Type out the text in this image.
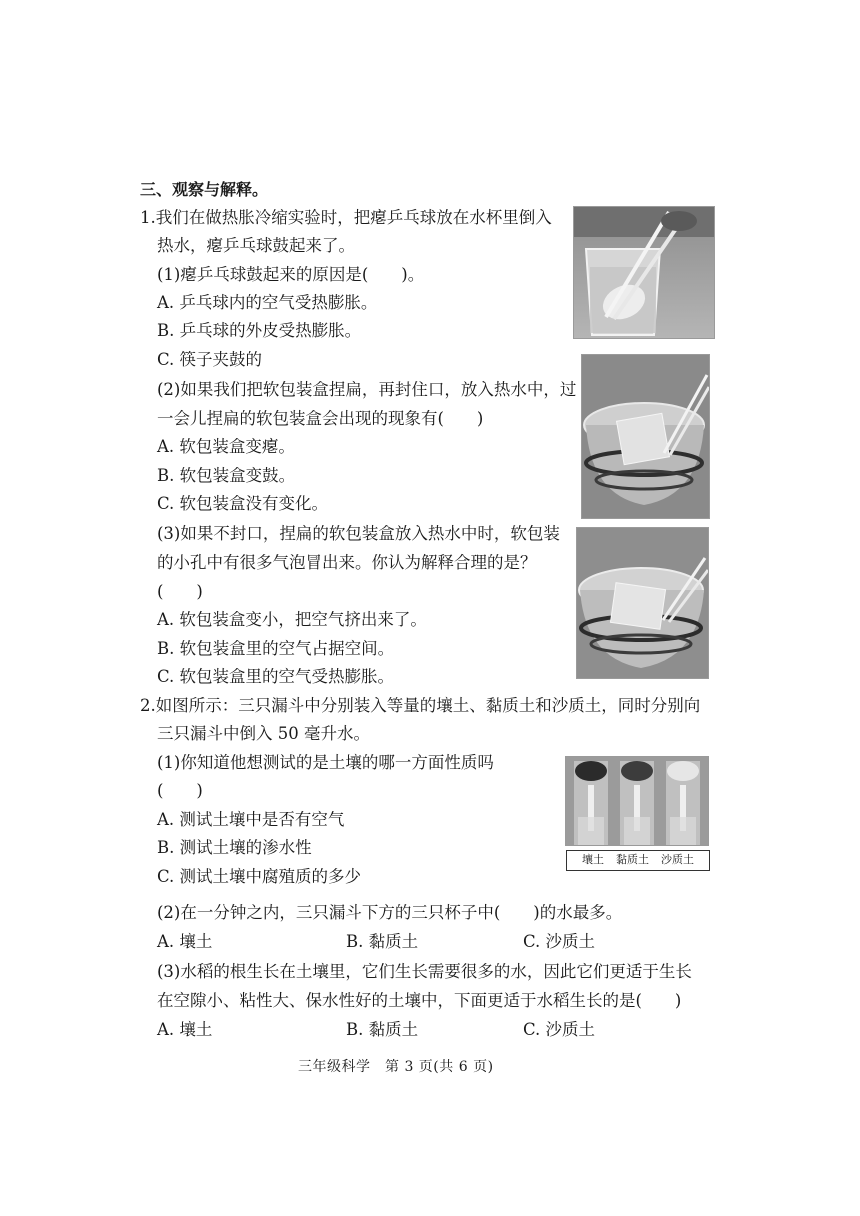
三、观察与解释。
1.我们在做热胀冷缩实验时，把瘪乒乓球放在水杯里倒入
热水，瘪乒乓球鼓起来了。
(1)瘪乒乓球鼓起来的原因是(　　)。
A. 乒乓球内的空气受热膨胀。
B. 乒乓球的外皮受热膨胀。
C. 筷子夹鼓的
(2)如果我们把软包装盒捏扁，再封住口，放入热水中，过
一会儿捏扁的软包装盒会出现的现象有(　　)
A. 软包装盒变瘪。
B. 软包装盒变鼓。
C. 软包装盒没有变化。
(3)如果不封口，捏扁的软包装盒放入热水中时，软包装
的小孔中有很多气泡冒出来。你认为解释合理的是？
(　　)
A. 软包装盒变小，把空气挤出来了。
B. 软包装盒里的空气占据空间。
C. 软包装盒里的空气受热膨胀。
2.如图所示：三只漏斗中分别装入等量的壤土、黏质土和沙质土，同时分别向
三只漏斗中倒入 50 毫升水。
(1)你知道他想测试的是土壤的哪一方面性质吗
(　　)
A. 测试土壤中是否有空气
B. 测试土壤的渗水性
C. 测试土壤中腐殖质的多少
壤土 黏质土 沙质土
(2)在一分钟之内，三只漏斗下方的三只杯子中(　　)的水最多。
A. 壤土	B. 黏质土	C. 沙质土
(3)水稻的根生长在土壤里，它们生长需要很多的水，因此它们更适于生长
在空隙小、粘性大、保水性好的土壤中，下面更适于水稻生长的是(　　)
A. 壤土	B. 黏质土	C. 沙质土
三年级科学　第 3 页(共 6 页)
